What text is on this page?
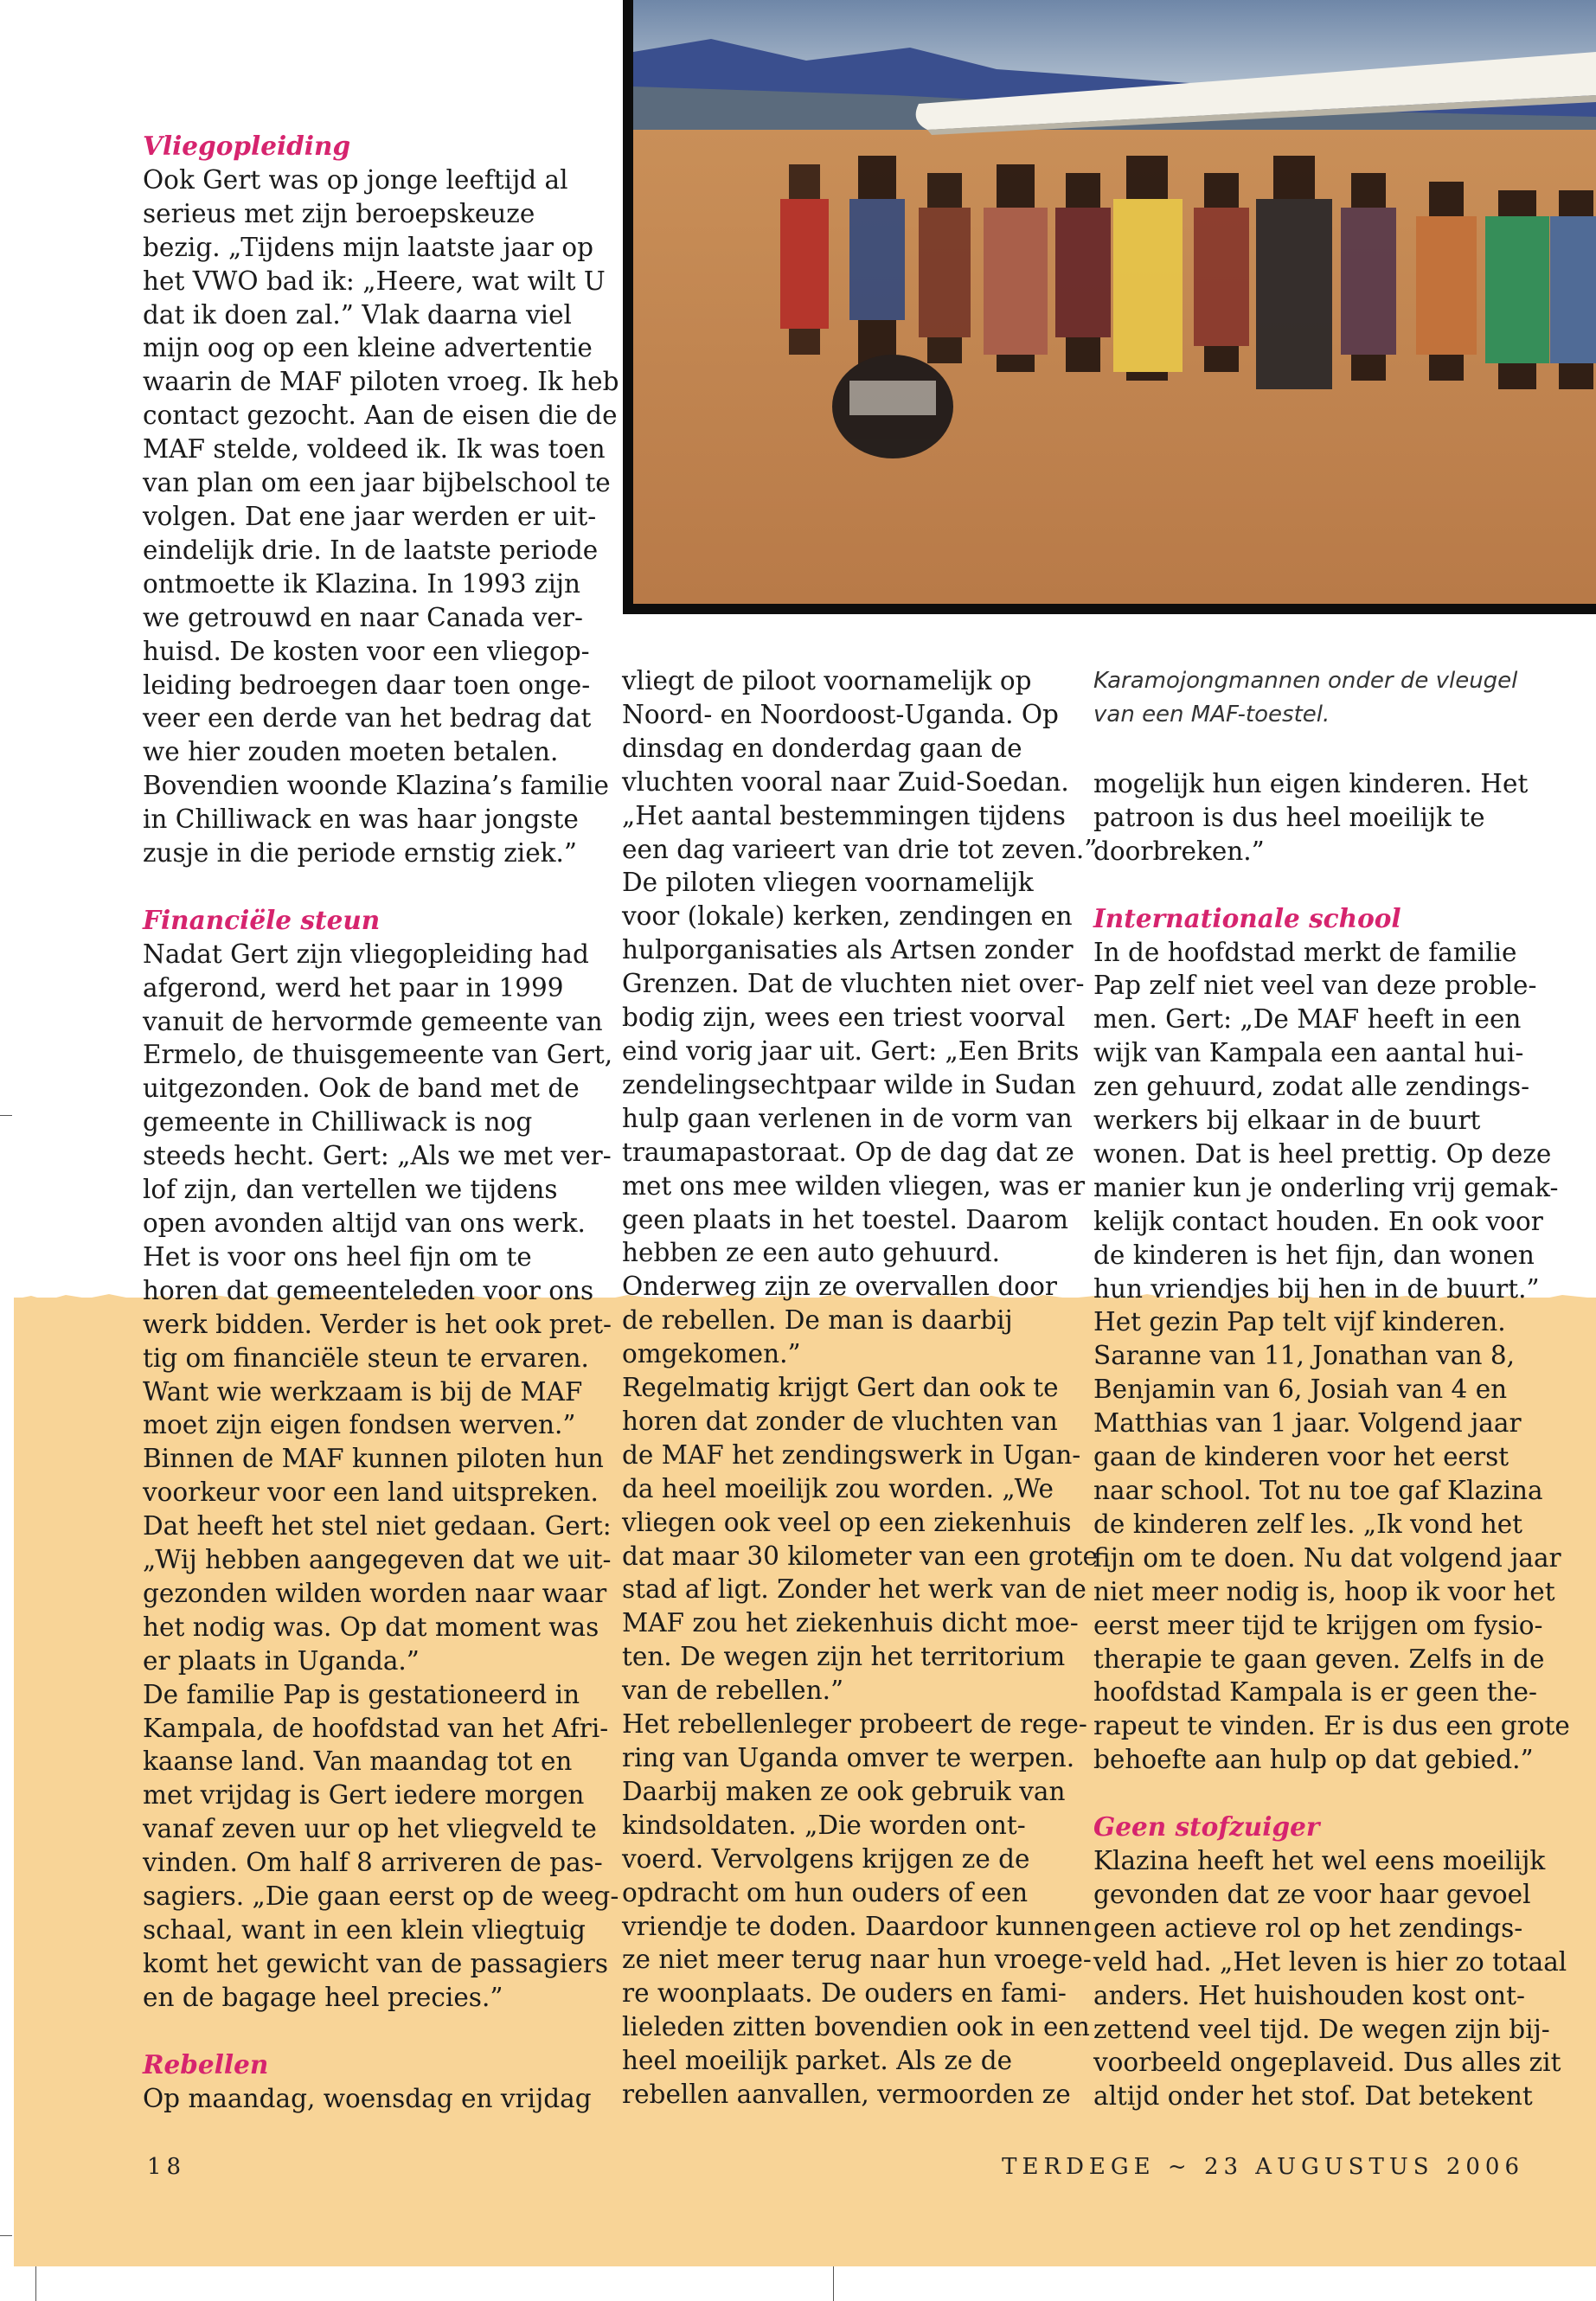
Karamojongmannen onder de vleugel

van een MAF-toestel.

Vliegopleiding

Ook Gert was op jonge leeftijd al

serieus met zijn beroepskeuze

bezig. „Tijdens mijn laatste jaar op

het VWO bad ik: „Heere, wat wilt U

dat ik doen zal.” Vlak daarna viel

mijn oog op een kleine advertentie

waarin de MAF piloten vroeg. Ik heb

contact gezocht. Aan de eisen die de

MAF stelde, voldeed ik. Ik was toen

van plan om een jaar bijbelschool te

volgen. Dat ene jaar werden er uit-

eindelijk drie. In de laatste periode

ontmoette ik Klazina. In 1993 zijn

we getrouwd en naar Canada ver-

huisd. De kosten voor een vliegop-

leiding bedroegen daar toen onge-

veer een derde van het bedrag dat

we hier zouden moeten betalen.

Bovendien woonde Klazina’s familie

in Chilliwack en was haar jongste

zusje in die periode ernstig ziek.”

Financiële steun

Nadat Gert zijn vliegopleiding had

afgerond, werd het paar in 1999

vanuit de hervormde gemeente van

Ermelo, de thuisgemeente van Gert,

uitgezonden. Ook de band met de

gemeente in Chilliwack is nog

steeds hecht. Gert: „Als we met ver-

lof zijn, dan vertellen we tijdens

open avonden altijd van ons werk.

Het is voor ons heel fijn om te

horen dat gemeenteleden voor ons

werk bidden. Verder is het ook pret-

tig om financiële steun te ervaren.

Want wie werkzaam is bij de MAF

moet zijn eigen fondsen werven.”

Binnen de MAF kunnen piloten hun

voorkeur voor een land uitspreken.

Dat heeft het stel niet gedaan. Gert:

„Wij hebben aangegeven dat we uit-

gezonden wilden worden naar waar

het nodig was. Op dat moment was

er plaats in Uganda.”

De familie Pap is gestationeerd in

Kampala, de hoofdstad van het Afri-

kaanse land. Van maandag tot en

met vrijdag is Gert iedere morgen

vanaf zeven uur op het vliegveld te

vinden. Om half 8 arriveren de pas-

sagiers. „Die gaan eerst op de weeg-

schaal, want in een klein vliegtuig

komt het gewicht van de passagiers

en de bagage heel precies.”

Rebellen

Op maandag, woensdag en vrijdag

vliegt de piloot voornamelijk op

Noord- en Noordoost-Uganda. Op

dinsdag en donderdag gaan de

vluchten vooral naar Zuid-Soedan.

„Het aantal bestemmingen tijdens

een dag varieert van drie tot zeven.”

De piloten vliegen voornamelijk

voor (lokale) kerken, zendingen en

hulporganisaties als Artsen zonder

Grenzen. Dat de vluchten niet over-

bodig zijn, wees een triest voorval

eind vorig jaar uit. Gert: „Een Brits

zendelingsechtpaar wilde in Sudan

hulp gaan verlenen in de vorm van

traumapastoraat. Op de dag dat ze

met ons mee wilden vliegen, was er

geen plaats in het toestel. Daarom

hebben ze een auto gehuurd.

Onderweg zijn ze overvallen door

de rebellen. De man is daarbij

omgekomen.”

Regelmatig krijgt Gert dan ook te

horen dat zonder de vluchten van

de MAF het zendingswerk in Ugan-

da heel moeilijk zou worden. „We

vliegen ook veel op een ziekenhuis

dat maar 30 kilometer van een grote

stad af ligt. Zonder het werk van de

MAF zou het ziekenhuis dicht moe-

ten. De wegen zijn het territorium

van de rebellen.”

Het rebellenleger probeert de rege-

ring van Uganda omver te werpen.

Daarbij maken ze ook gebruik van

kindsoldaten. „Die worden ont-

voerd. Vervolgens krijgen ze de

opdracht om hun ouders of een

vriendje te doden. Daardoor kunnen

ze niet meer terug naar hun vroege-

re woonplaats. De ouders en fami-

lieleden zitten bovendien ook in een

heel moeilijk parket. Als ze de

rebellen aanvallen, vermoorden ze

mogelijk hun eigen kinderen. Het

patroon is dus heel moeilijk te

doorbreken.”

Internationale school

In de hoofdstad merkt de familie

Pap zelf niet veel van deze proble-

men. Gert: „De MAF heeft in een

wijk van Kampala een aantal hui-

zen gehuurd, zodat alle zendings-

werkers bij elkaar in de buurt

wonen. Dat is heel prettig. Op deze

manier kun je onderling vrij gemak-

kelijk contact houden. En ook voor

de kinderen is het fijn, dan wonen

hun vriendjes bij hen in de buurt.”

Het gezin Pap telt vijf kinderen.

Saranne van 11, Jonathan van 8,

Benjamin van 6, Josiah van 4 en

Matthias van 1 jaar. Volgend jaar

gaan de kinderen voor het eerst

naar school. Tot nu toe gaf Klazina

de kinderen zelf les. „Ik vond het

fijn om te doen. Nu dat volgend jaar

niet meer nodig is, hoop ik voor het

eerst meer tijd te krijgen om fysio-

therapie te gaan geven. Zelfs in de

hoofdstad Kampala is er geen the-

rapeut te vinden. Er is dus een grote

behoefte aan hulp op dat gebied.”

Geen stofzuiger

Klazina heeft het wel eens moeilijk

gevonden dat ze voor haar gevoel

geen actieve rol op het zendings-

veld had. „Het leven is hier zo totaal

anders. Het huishouden kost ont-

zettend veel tijd. De wegen zijn bij-

voorbeeld ongeplaveid. Dus alles zit

altijd onder het stof. Dat betekent

18	TERDEGE ~ 23 AUGUSTUS 2006
